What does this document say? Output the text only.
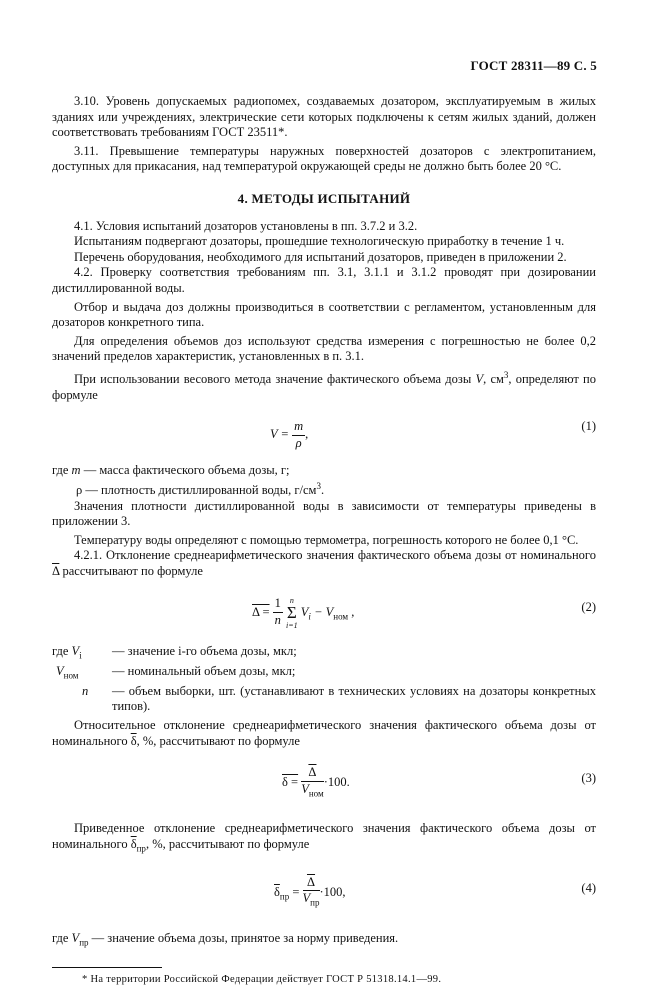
ГОСТ 28311—89 С. 5

3.10. Уровень допускаемых радиопомех, создаваемых дозатором, эксплуатируемым в жилых зданиях или учреждениях, электрические сети которых подключены к сетям жилых зданий, должен соответствовать требованиям ГОСТ 23511*.

3.11. Превышение температуры наружных поверхностей дозаторов с электропитанием, доступных для прикасания, над температурой окружающей среды не должно быть более 20 °С.

4. МЕТОДЫ ИСПЫТАНИЙ

4.1. Условия испытаний дозаторов установлены в пп. 3.7.2 и 3.2.

Испытаниям подвергают дозаторы, прошедшие технологическую приработку в течение 1 ч.

Перечень оборудования, необходимого для испытаний дозаторов, приведен в приложении 2.

4.2. Проверку соответствия требованиям пп. 3.1, 3.1.1 и 3.1.2 проводят при дозировании дистиллированной воды.

Отбор и выдача доз должны производиться в соответствии с регламентом, установленным для дозаторов конкретного типа.

Для определения объемов доз используют средства измерения с погрешностью не более 0,2 значений пределов характеристик, установленных в п. 3.1.

При использовании весового метода значение фактического объема дозы V, $см^3$, определяют по формуле

$V = \frac{m}{\rho}$ ,
(1)
где m — масса фактического объема дозы, г;
ρ — плотность дистиллированной воды, $г/см^3$.

Значения плотности дистиллированной воды в зависимости от температуры приведены в приложении 3.

Температуру воды определяют с помощью термометра, погрешность которого не более 0,1 °С.

4.2.1. Отклонение среднеарифметического значения фактического объема дозы от номинального $\overline{\Delta}$ рассчитывают по формуле

$\Delta = \frac{1}{n}$
n
Σ
i=1
$V_i - V_{ном}$ ,	(2)
где $V_i$	— значение i-го объема дозы, мкл;
$V_{ном}$	— номинальный объем дозы, мкл;
n	— объем выборки, шт. (устанавливают в технических условиях на дозаторы конкретных типов).

Относительное отклонение среднеарифметического значения фактического объема дозы от номинального $\overline{\delta}$, %, рассчитывают по формуле

$\delta = \frac{\overline{\Delta}}{V_{ном}} \cdot 100$.	(3)

Приведенное отклонение среднеарифметического значения фактического объема дозы от номинального $\overline{\delta}_{пр}$, %, рассчитывают по формуле

$\overline{\delta}_{пр} = \frac{\overline{\Delta}}{V_{пр}} \cdot 100$,	(4)

где $V_{пр}$ — значение объема дозы, принятое за норму приведения.

* На территории Российской Федерации действует ГОСТ Р 51318.14.1—99.
